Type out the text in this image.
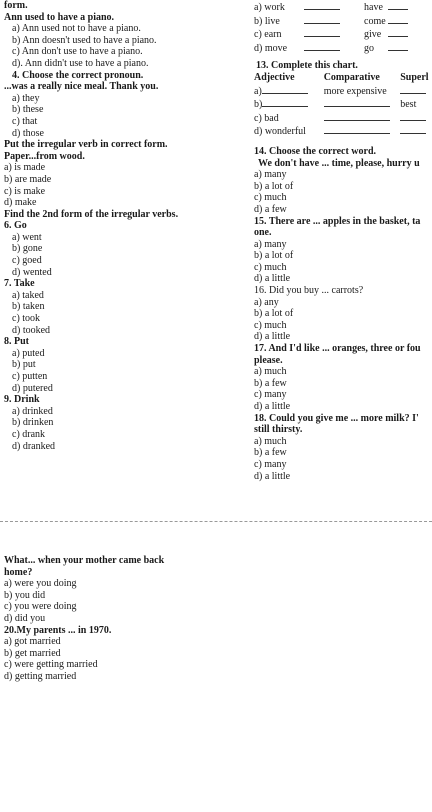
form.
Ann used to have a piano.
a) Ann used not to have a piano.
b) Ann doesn't used to have a piano.
c) Ann don't use to have a piano.
d). Ann didn't use to have a piano.
4. Choose the correct pronoun.
...was a really nice meal. Thank you.
a) they
b) these
c) that
d) those
Put the irregular verb in correct form.
Paper...from wood.
a) is made
b) are made
c) is make
d) make
Find the 2nd form of the irregular verbs.
6. Go
a) went
b) gone
c) goed
d) wented
7. Take
a) taked
b) taken
c) took
d) tooked
8. Put
a) puted
b) put
c) putten
d) putered
9. Drink
a) drinked
b) drinken
c) drank
d) dranked
a) work		have	
b) live		come	
c) earn		give	
d) move		go	
13. Complete this chart.
Adjective	Comparative	Superl
a)	more expensive	
b)		best
c) bad		
d) wonderful		
14. Choose the correct word.
We don't have ... time, please, hurry u
a) many
b) a lot of
c) much
d) a few
15. There are ... apples in the basket, ta
one.
a) many
b) a lot of
c) much
d) a little
16. Did you buy ... carrots?
a) any
b) a lot of
c) much
d) a little
17. And I'd like ... oranges, three or fou
please.
a) much
b) a few
c) many
d) a little
18. Could you give me ... more milk? I'
still thirsty.
a) much
b) a few
c) many
d) a little
What... when your mother came back
home?
a) were you doing
b) you did
c) you were doing
d) did you
20.My parents ... in 1970.
a) got married
b) get married
c) were getting married
d) getting married
